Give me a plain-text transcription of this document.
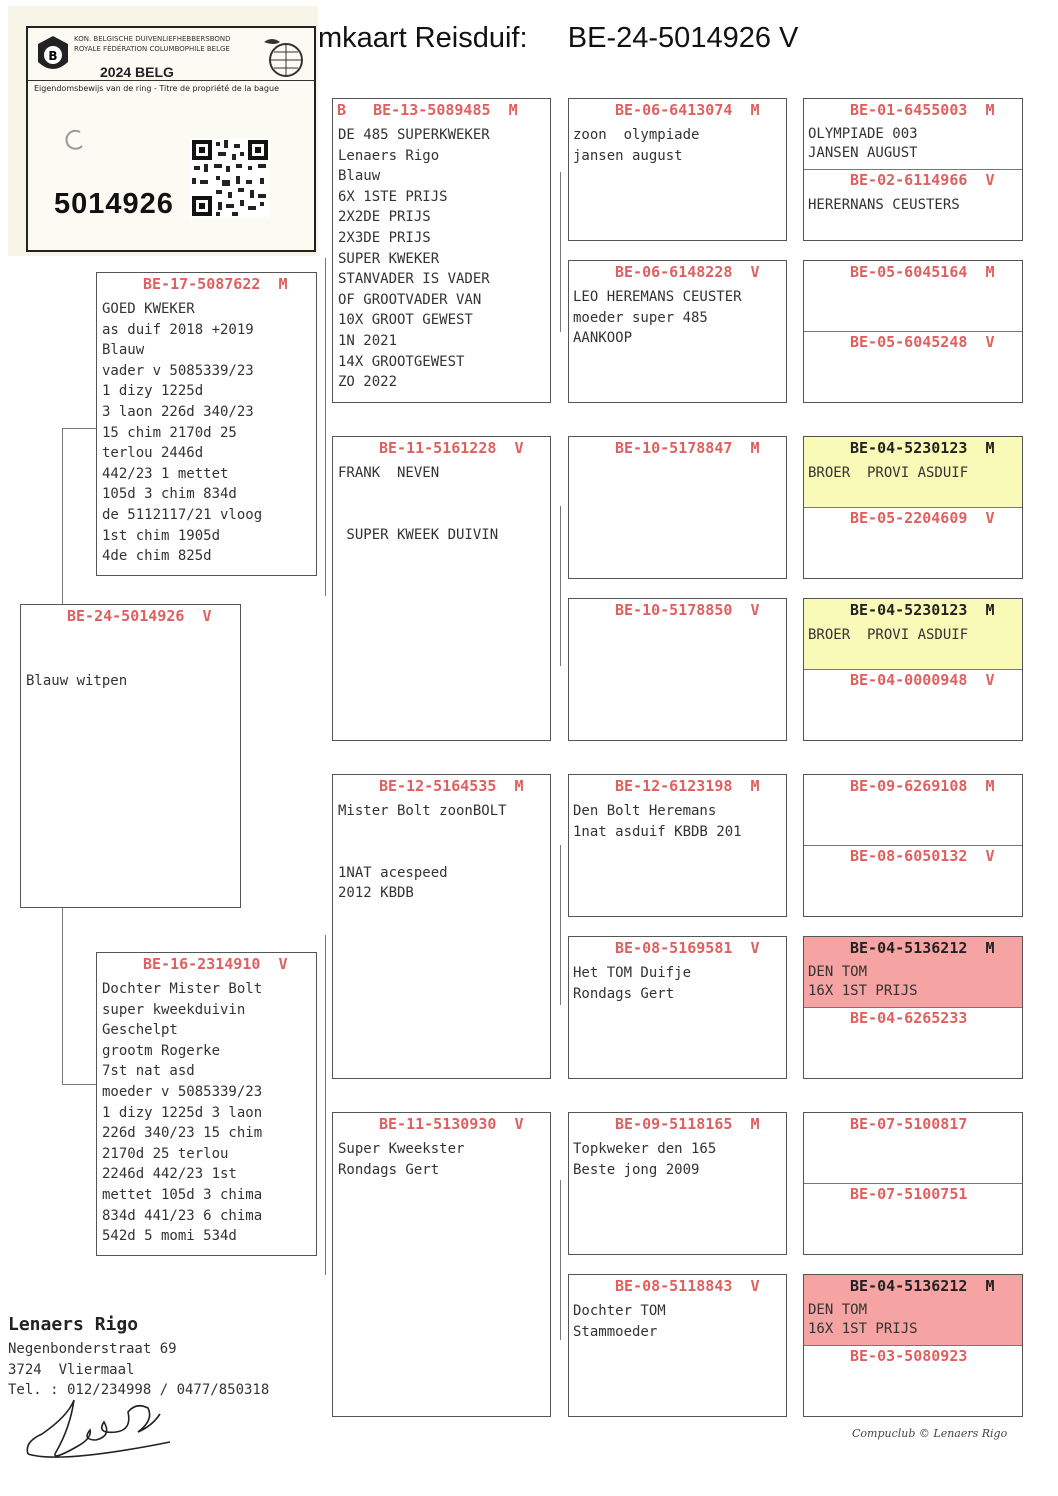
mkaart Reisduif:     BE-24-5014926 V
B
KON. BELGISCHE DUIVENLIEFHEBBERSBOND
ROYALE FÉDÉRATION COLUMBOPHILE BELGE
2024 BELG
Eigendomsbewijs van de ring - Titre de propriété de la bague
5014926
BE-24-5014926  V
Blauw witpen
BE-17-5087622  M
GOED KWEKER
as duif 2018 +2019
Blauw
vader v 5085339/23
1 dizy 1225d
3 laon 226d 340/23
15 chim 2170d 25
terlou 2446d
442/23 1 mettet
105d 3 chim 834d
de 5112117/21 vloog
1st chim 1905d
4de chim 825d
BE-16-2314910  V
Dochter Mister Bolt
super kweekduivin
Geschelpt
grootm Rogerke
7st nat asd
moeder v 5085339/23
1 dizy 1225d 3 laon
226d 340/23 15 chim
2170d 25 terlou
2246d 442/23 1st
mettet 105d 3 chima
834d 441/23 6 chima
542d 5 momi 534d
B   BE-13-5089485  M
DE 485 SUPERKWEKER
Lenaers Rigo
Blauw
6X 1STE PRIJS
2X2DE PRIJS
2X3DE PRIJS
SUPER KWEKER
STANVADER IS VADER
OF GROOTVADER VAN
10X GROOT GEWEST
1N 2021
14X GROOTGEWEST
ZO 2022
BE-11-5161228  V
FRANK  NEVEN

SUPER KWEEK DUIVIN
BE-12-5164535  M
Mister Bolt zoonBOLT

1NAT acespeed
2012 KBDB
BE-11-5130930  V
Super Kweekster
Rondags Gert
BE-06-6413074  M
zoon  olympiade
jansen august
BE-06-6148228  V
LEO HEREMANS CEUSTER
moeder super 485
AANKOOP
BE-10-5178847  M
BE-10-5178850  V
BE-12-6123198  M
Den Bolt Heremans
1nat asduif KBDB 201
BE-08-5169581  V
Het TOM Duifje
Rondags Gert
BE-09-5118165  M
Topkweker den 165
Beste jong 2009
BE-08-5118843  V
Dochter TOM
Stammoeder
BE-01-6455003  M
OLYMPIADE 003
JANSEN AUGUST
BE-02-6114966  V
HERERNANS CEUSTERS
BE-05-6045164  M
BE-05-6045248  V
BE-04-5230123  M
BROER  PROVI ASDUIF
BE-05-2204609  V
BE-04-5230123  M
BROER  PROVI ASDUIF
BE-04-0000948  V
BE-09-6269108  M
BE-08-6050132  V
BE-04-5136212  M
DEN TOM
16X 1ST PRIJS
BE-04-6265233
BE-07-5100817
BE-07-5100751
BE-04-5136212  M
DEN TOM
16X 1ST PRIJS
BE-03-5080923
Lenaers Rigo
Negenbonderstraat 69
3724  Vliermaal
Tel. : 012/234998 / 0477/850318
Compuclub © Lenaers Rigo
